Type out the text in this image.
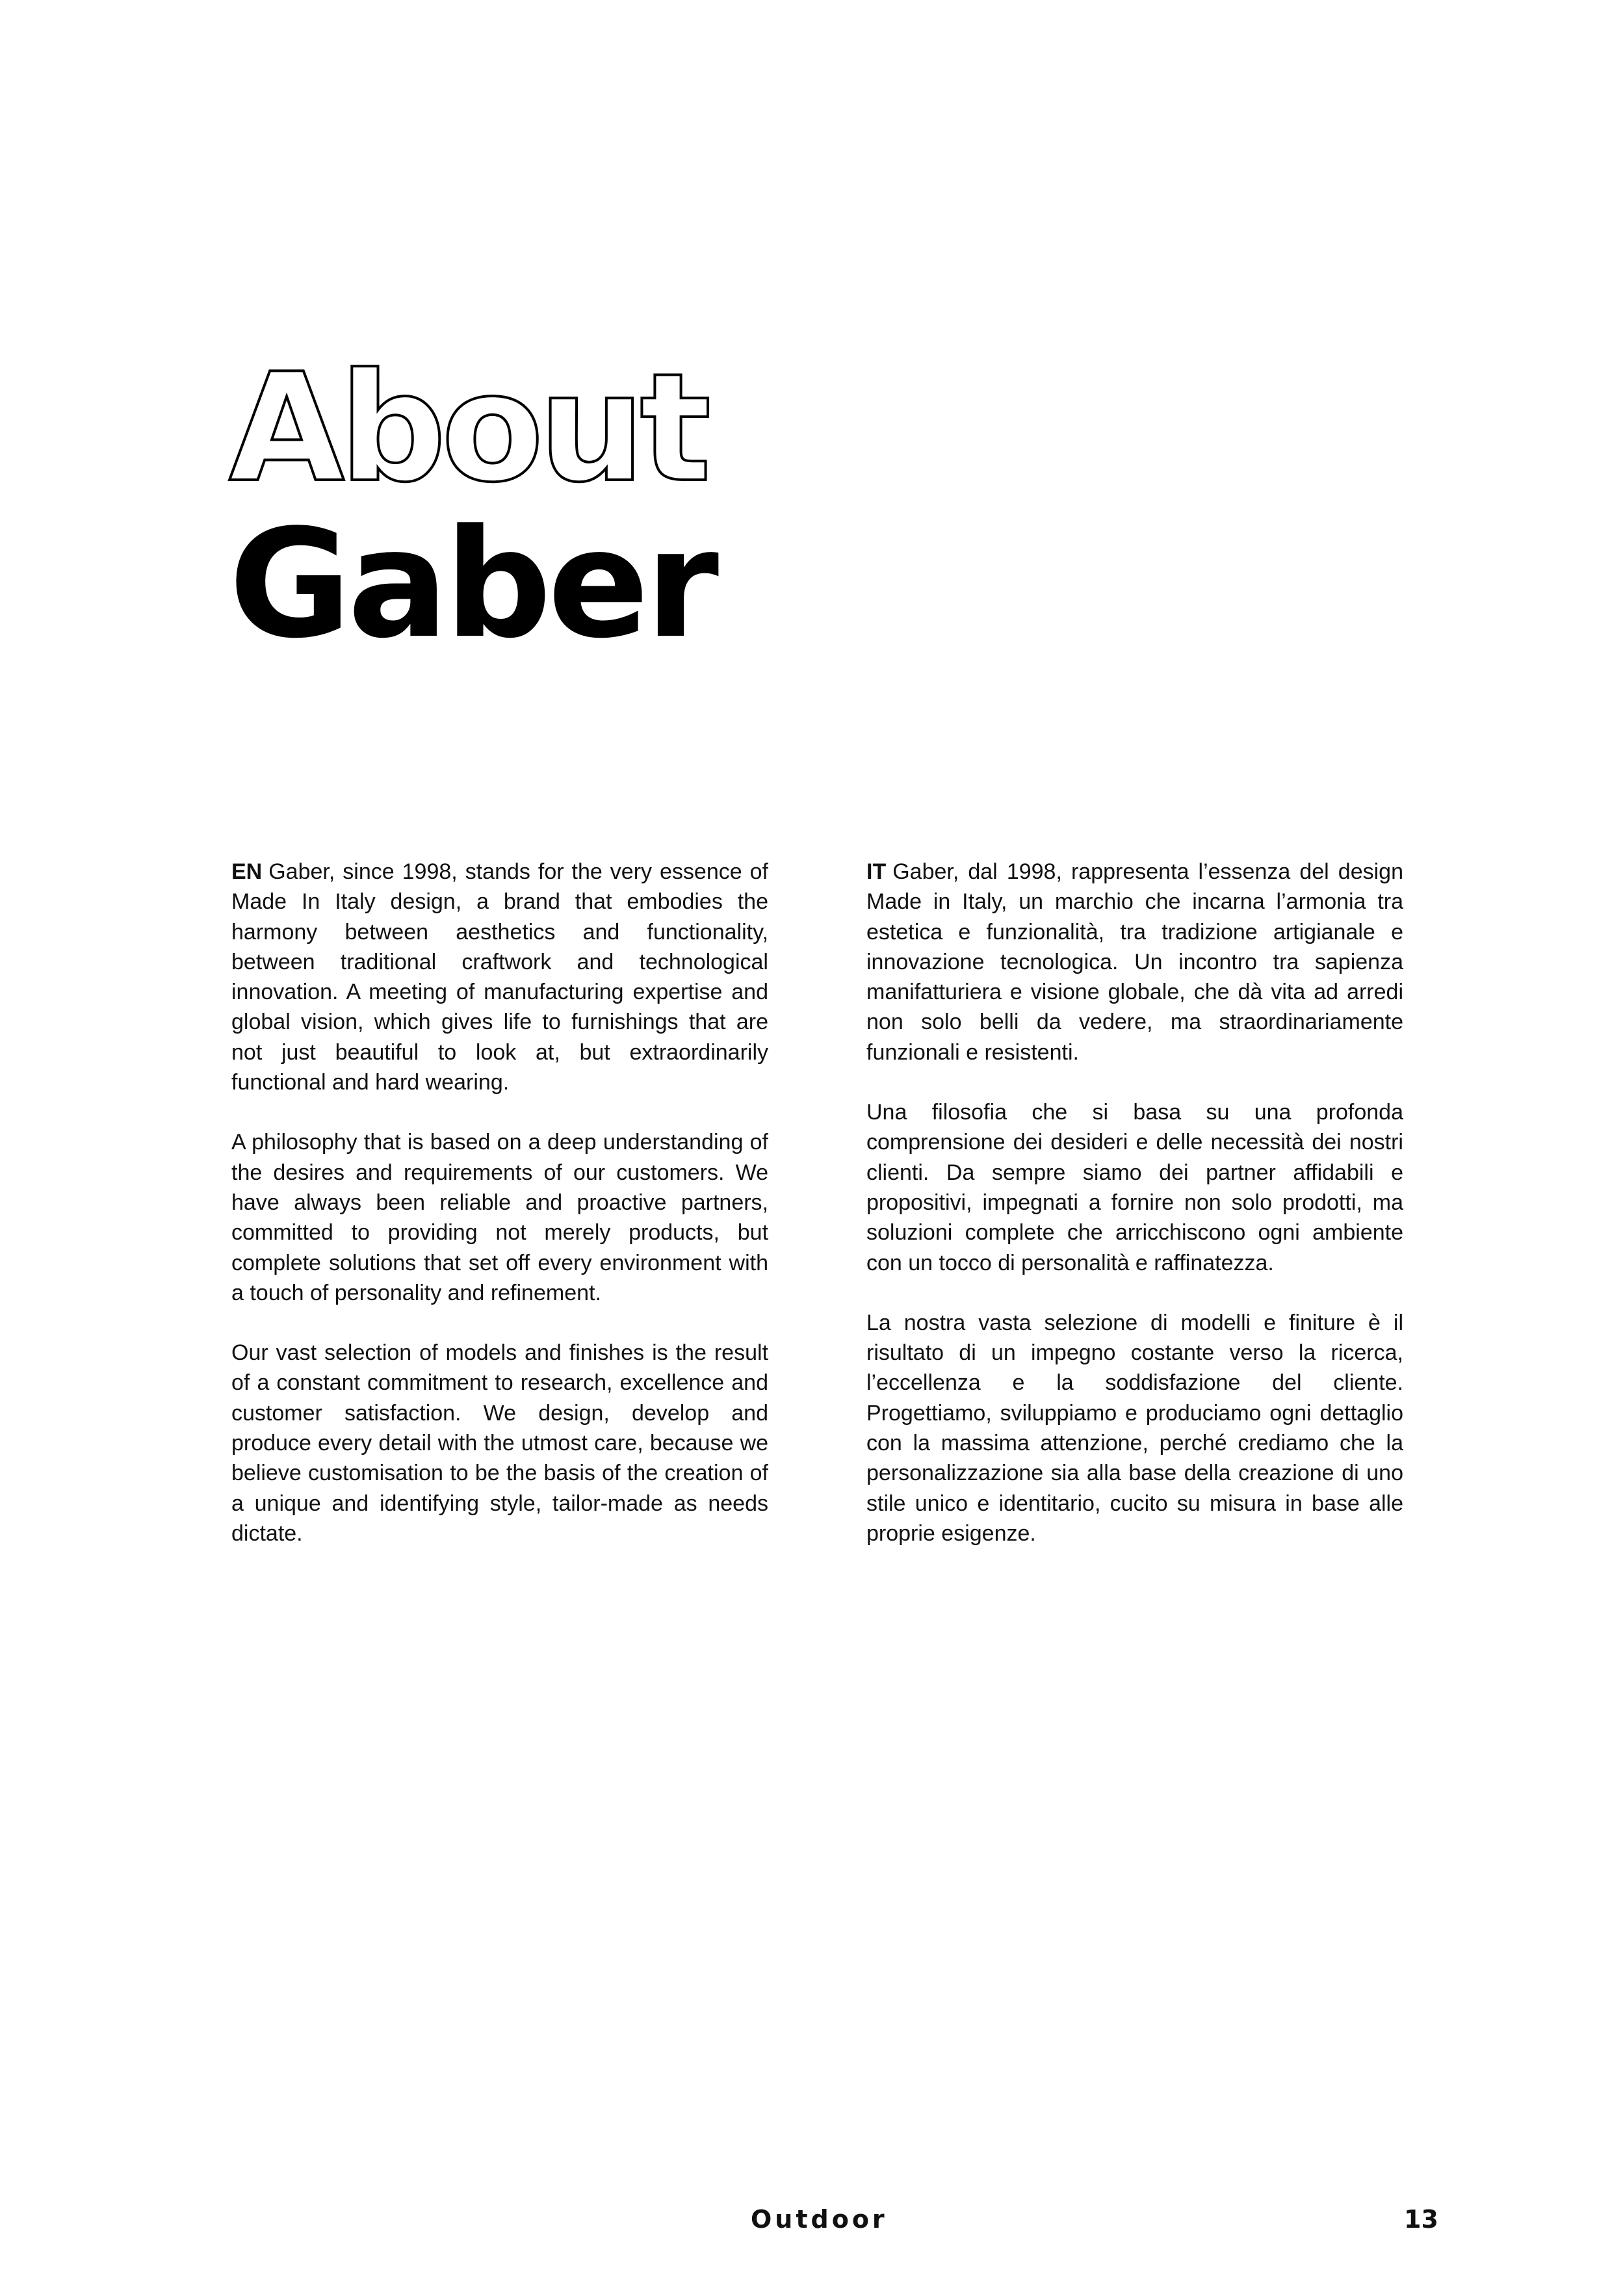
About
Gaber

EN Gaber, since 1998, stands for the very essence of Made In Italy design, a brand that embodies the harmony between aesthetics and functionality, between traditional craftwork and technological innovation. A meeting of manufacturing expertise and global vision, which gives life to furnishings that are not just beautiful to look at, but extraordinarily functional and hard wearing.

A philosophy that is based on a deep understanding of the desires and requirements of our customers. We have always been reliable and proactive partners, committed to providing not merely products, but complete solutions that set off every environment with a touch of personality and refinement.

Our vast selection of models and finishes is the result of a constant commitment to research, excellence and customer satisfaction. We design, develop and produce every detail with the utmost care, because we believe customisation to be the basis of the creation of a unique and identifying style, tailor-made as needs dictate.

IT Gaber, dal 1998, rappresenta l’essenza del design Made in Italy, un marchio che incarna l’armonia tra estetica e funzionalità, tra tradizione artigianale e innovazione tecnologica. Un incontro tra sapienza manifatturiera e visione globale, che dà vita ad arredi non solo belli da vedere, ma straordinariamente funzionali e resistenti.

Una filosofia che si basa su una profonda comprensione dei desideri e delle necessità dei nostri clienti. Da sempre siamo dei partner affidabili e propositivi, impegnati a fornire non solo prodotti, ma soluzioni complete che arricchiscono ogni ambiente con un tocco di personalità e raffinatezza.

La nostra vasta selezione di modelli e finiture è il risultato di un impegno costante verso la ricerca, l’eccellenza e la soddisfazione del cliente. Progettiamo, sviluppiamo e produciamo ogni dettaglio con la massima attenzione, perché crediamo che la personalizzazione sia alla base della creazione di uno stile unico e identitario, cucito su misura in base alle proprie esigenze.

Outdoor	13
